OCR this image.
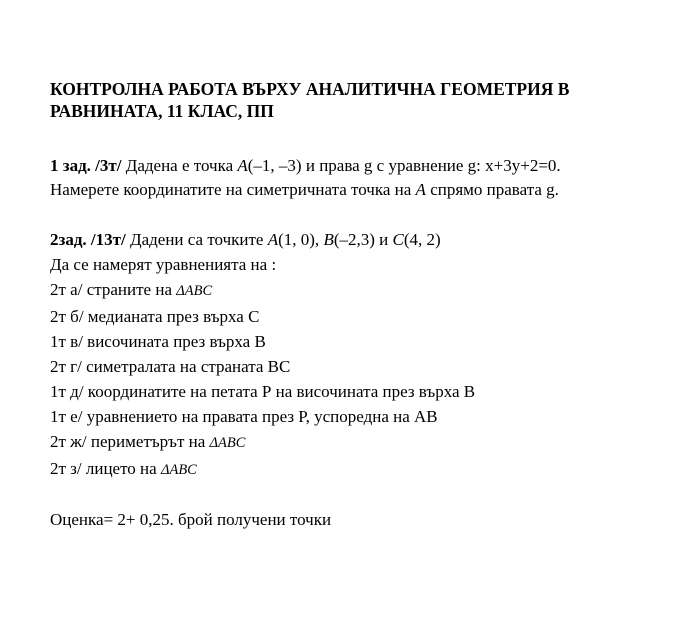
КОНТРОЛНА РАБОТА ВЪРХУ АНАЛИТИЧНА ГЕОМЕТРИЯ В РАВНИНАТА, 11 КЛАС, ПП

1 зад. /3т/ Дадена е точка A(–1, –3) и права g с уравнение g: x+3y+2=0.
Намерете координатите на симетричната точка на A спрямо правата g.
2зад. /13т/ Дадени са точките A(1, 0), B(–2,3) и C(4, 2)
Да се намерят уравненията на :
2т а/ страните на ΔABC
2т б/ медианата през върха С
1т в/ височината през върха В
2т г/ симетралата на страната ВС
1т д/ координатите на петата Р на височината през върха В
1т е/ уравнението на правата през Р, успоредна на АВ
2т ж/ периметърът на ΔABC
2т з/ лицето на ΔABC
Оценка= 2+ 0,25. брой получени точки
